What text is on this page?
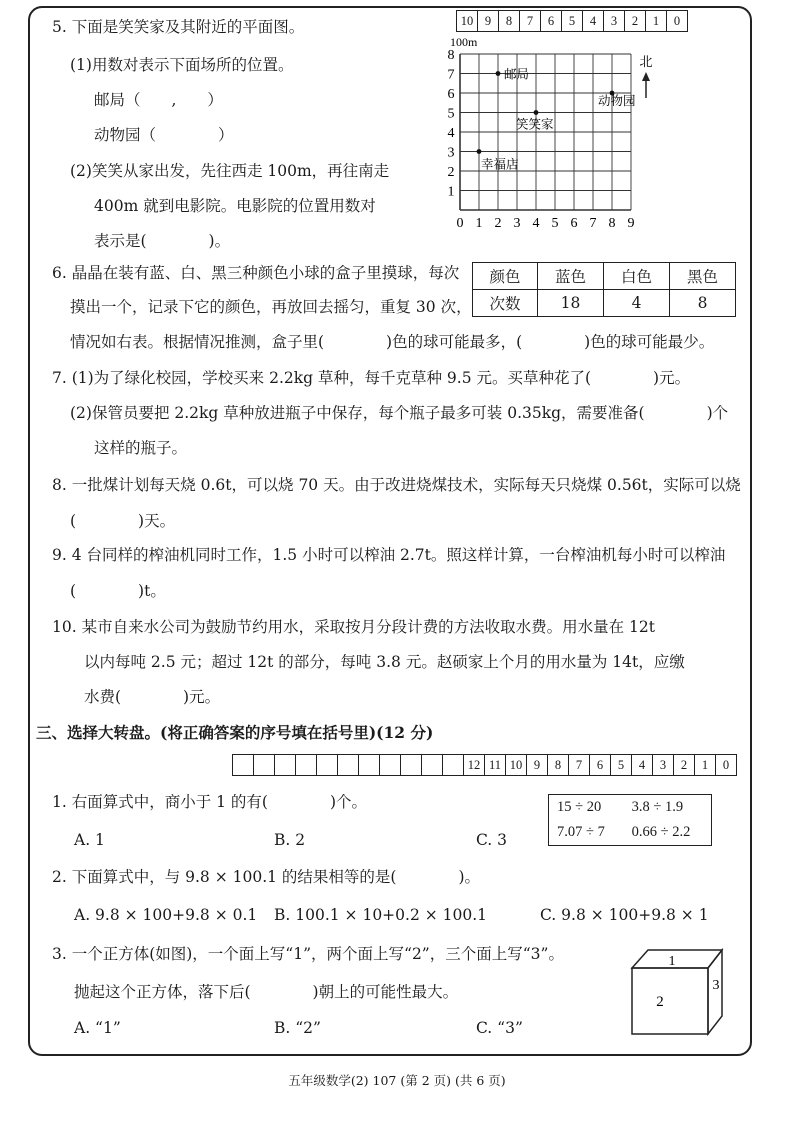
10 9	8	7	6	5	4	3	2	1	0
5. 下面是笑笑家及其附近的平面图。
(1)用数对表示下面场所的位置。
邮局（　　,　　）
动物园（　　　　）
(2)笑笑从家出发，先往西走 100m，再往南走
400m 就到电影院。电影院的位置用数对
表示是(　　　　)。
0 1 2 3 4 5 6 7 8 9
1
2
3
4
5
6
7
8
100m
北
邮局
动物园
笑笑家
幸福店
6. 晶晶在装有蓝、白、黑三种颜色小球的盒子里摸球，每次
摸出一个，记录下它的颜色，再放回去摇匀，重复 30 次，
情况如右表。根据情况推测，盒子里(　　　　)色的球可能最多，(　　　　)色的球可能最少。
颜色	蓝色	白色	黑色
次数	18	4	8
7. (1)为了绿化校园，学校买来 2.2kg 草种，每千克草种 9.5 元。买草种花了(　　　　)元。
(2)保管员要把 2.2kg 草种放进瓶子中保存，每个瓶子最多可装 0.35kg，需要准备(　　　　)个
这样的瓶子。
8. 一批煤计划每天烧 0.6t，可以烧 70 天。由于改进烧煤技术，实际每天只烧煤 0.56t，实际可以烧
(　　　　)天。
9. 4 台同样的榨油机同时工作，1.5 小时可以榨油 2.7t。照这样计算，一台榨油机每小时可以榨油
(　　　　)t。
10. 某市自来水公司为鼓励节约用水，采取按月分段计费的方法收取水费。用水量在 12t
以内每吨 2.5 元；超过 12t 的部分，每吨 3.8 元。赵硕家上个月的用水量为 14t，应缴
水费(　　　　)元。
三、选择大转盘。(将正确答案的序号填在括号里)(12 分)
12 11 10 9	8	7	6	5	4	3	2	1	0
1. 右面算式中，商小于 1 的有(　　　　)个。
A. 1	B. 2	C. 3
15 ÷ 20	3.8 ÷ 1.9
7.07 ÷ 7	0.66 ÷ 2.2
2. 下面算式中，与 9.8 × 100.1 的结果相等的是(　　　　)。
A. 9.8 × 100+9.8 × 0.1 B. 100.1 × 10+0.2 × 100.1	C. 9.8 × 100+9.8 × 1
3. 一个正方体(如图)，一个面上写“1”，两个面上写“2”，三个面上写“3”。
抛起这个正方体，落下后(　　　　)朝上的可能性最大。
A. “1”	B. “2”	C. “3”
1
2
3
五年级数学(2) 107 (第 2 页) (共 6 页)
